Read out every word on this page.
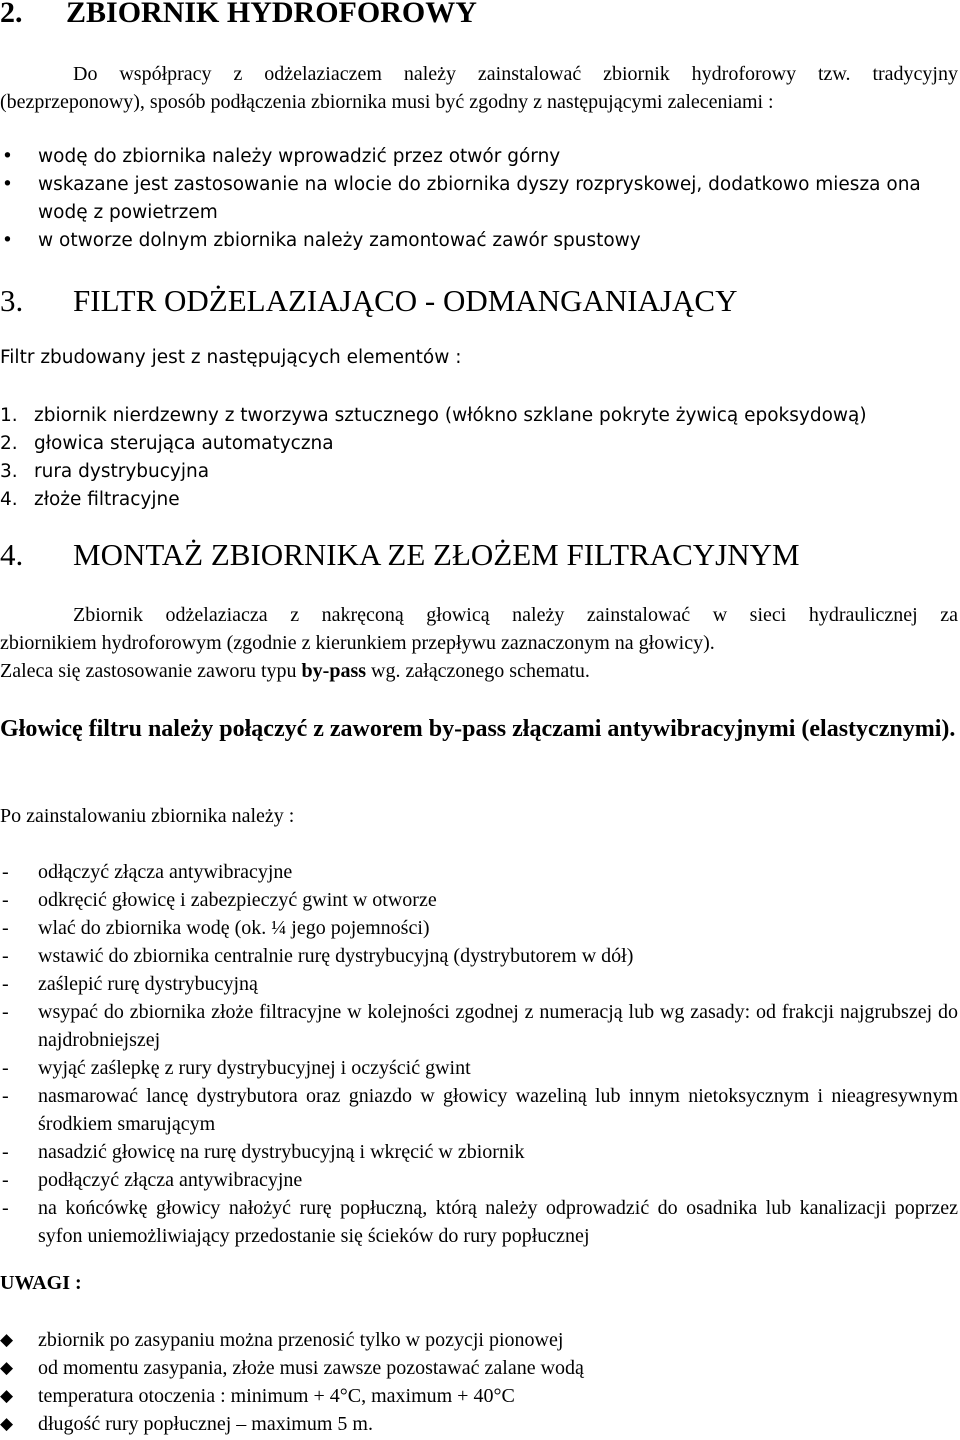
2. ZBIORNIK HYDROFOROWY
Do współpracy z odżelaziaczem należy zainstalować zbiornik hydroforowy tzw. tradycyjny
(bezprzeponowy), sposób podłączenia zbiornika musi być zgodny z następującymi zaleceniami :
• wodę do zbiornika należy wprowadzić przez otwór górny
• wskazane jest zastosowanie na wlocie do zbiornika dyszy rozpryskowej, dodatkowo miesza ona wodę z powietrzem
• w otworze dolnym zbiornika należy zamontować zawór spustowy
3. FILTR ODŻELAZIAJĄCO - ODMANGANIAJĄCY
Filtr zbudowany jest z następujących elementów :
1. zbiornik nierdzewny z tworzywa sztucznego (włókno szklane pokryte żywicą epoksydową)
2. głowica sterująca automatyczna
3. rura dystrybucyjna
4. złoże filtracyjne
4. MONTAŻ ZBIORNIKA ZE ZŁOŻEM FILTRACYJNYM
Zbiornik odżelaziacza z nakręconą głowicą należy zainstalować w sieci hydraulicznej za
zbiornikiem hydroforowym (zgodnie z kierunkiem przepływu zaznaczonym na głowicy).
Zaleca się zastosowanie zaworu typu by-pass wg. załączonego schematu.
Głowicę filtru należy połączyć z zaworem by-pass złączami antywibracyjnymi (elastycznymi).
Po zainstalowaniu zbiornika należy :
- odłączyć złącza antywibracyjne
- odkręcić głowicę i zabezpieczyć gwint w otworze
- wlać do zbiornika wodę (ok. ¼ jego pojemności)
- wstawić do zbiornika centralnie rurę dystrybucyjną (dystrybutorem w dół)
- zaślepić rurę dystrybucyjną
- wsypać do zbiornika złoże filtracyjne w kolejności zgodnej z numeracją lub wg zasady: od frakcji najgrubszej do najdrobniejszej
- wyjąć zaślepkę z rury dystrybucyjnej i oczyścić gwint
- nasmarować lancę dystrybutora oraz gniazdo w głowicy wazeliną lub innym nietoksycznym i nieagresywnym środkiem smarującym
- nasadzić głowicę na rurę dystrybucyjną i wkręcić w zbiornik
- podłączyć złącza antywibracyjne
- na końcówkę głowicy nałożyć rurę popłuczną, którą należy odprowadzić do osadnika lub kanalizacji poprzez syfon uniemożliwiający przedostanie się ścieków do rury popłucznej
UWAGI :
◆ zbiornik po zasypaniu można przenosić tylko w pozycji pionowej
◆ od momentu zasypania, złoże musi zawsze pozostawać zalane wodą
◆ temperatura otoczenia : minimum + 4°C, maximum + 40°C
◆ długość rury popłucznej – maximum 5 m.
